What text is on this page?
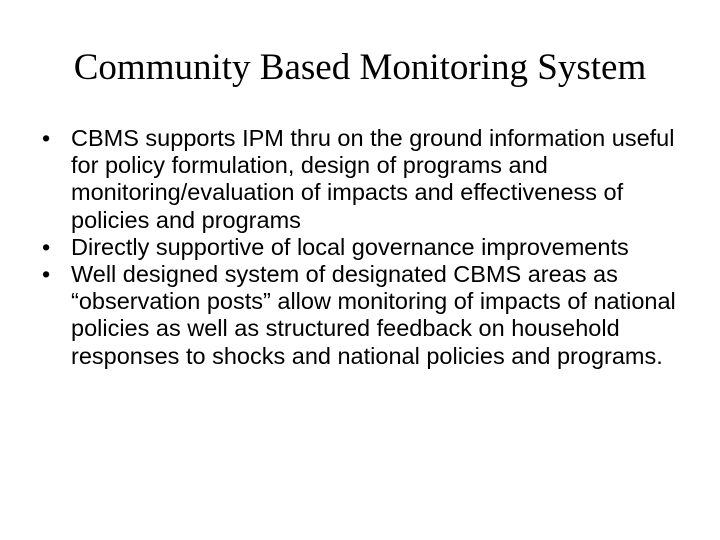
Community Based Monitoring System
• CBMS supports IPM thru on the ground information useful for policy formulation, design of programs and monitoring/evaluation of impacts and effectiveness of policies and programs
• Directly supportive of local governance improvements
• Well designed system of designated CBMS areas as “observation posts” allow monitoring of impacts of national policies as well as structured feedback on household responses to shocks and national policies and programs.
